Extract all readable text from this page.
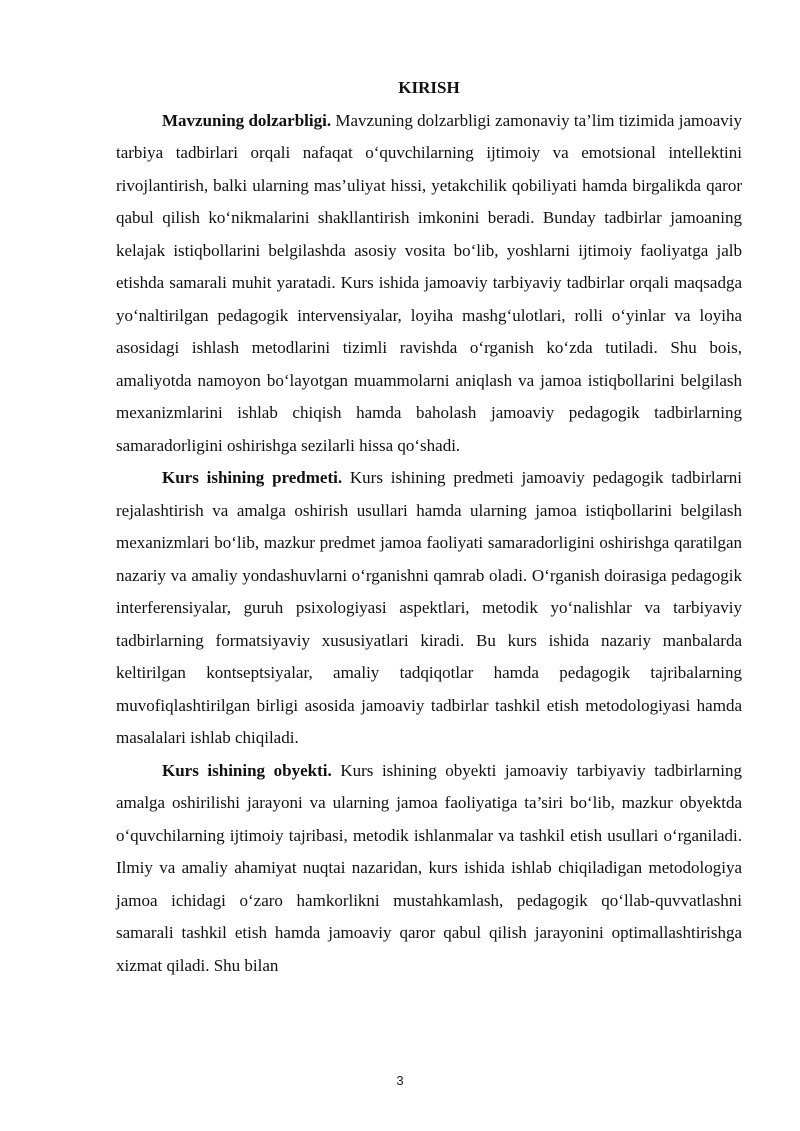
KIRISH

Mavzuning dolzarbligi. Mavzuning dolzarbligi zamonaviy ta’lim tizimida jamoaviy tarbiya tadbirlari orqali nafaqat o‘quvchilarning ijtimoiy va emotsional intellektini rivojlantirish, balki ularning mas’uliyat hissi, yetakchilik qobiliyati hamda birgalikda qaror qabul qilish ko‘nikmalarini shakllantirish imkonini beradi. Bunday tadbirlar jamoaning kelajak istiqbollarini belgilashda asosiy vosita bo‘lib, yoshlarni ijtimoiy faoliyatga jalb etishda samarali muhit yaratadi. Kurs ishida jamoaviy tarbiyaviy tadbirlar orqali maqsadga yo‘naltirilgan pedagogik intervensiyalar, loyiha mashg‘ulotlari, rolli o‘yinlar va loyiha asosidagi ishlash metodlarini tizimli ravishda o‘rganish ko‘zda tutiladi. Shu bois, amaliyotda namoyon bo‘layotgan muammolarni aniqlash va jamoa istiqbollarini belgilash mexanizmlarini ishlab chiqish hamda baholash jamoaviy pedagogik tadbirlarning samaradorligini oshirishga sezilarli hissa qo‘shadi.

Kurs ishining predmeti. Kurs ishining predmeti jamoaviy pedagogik tadbirlarni rejalashtirish va amalga oshirish usullari hamda ularning jamoa istiqbollarini belgilash mexanizmlari bo‘lib, mazkur predmet jamoa faoliyati samaradorligini oshirishga qaratilgan nazariy va amaliy yondashuvlarni o‘rganishni qamrab oladi. O‘rganish doirasiga pedagogik interferensiyalar, guruh psixologiyasi aspektlari, metodik yo‘nalishlar va tarbiyaviy tadbirlarning formatsiyaviy xususiyatlari kiradi. Bu kurs ishida nazariy manbalarda keltirilgan kontseptsiyalar, amaliy tadqiqotlar hamda pedagogik tajribalarning muvofiqlashtirilgan birligi asosida jamoaviy tadbirlar tashkil etish metodologiyasi hamda masalalari ishlab chiqiladi.

Kurs ishining obyekti. Kurs ishining obyekti jamoaviy tarbiyaviy tadbirlarning amalga oshirilishi jarayoni va ularning jamoa faoliyatiga ta’siri bo‘lib, mazkur obyektda o‘quvchilarning ijtimoiy tajribasi, metodik ishlanmalar va tashkil etish usullari o‘rganiladi. Ilmiy va amaliy ahamiyat nuqtai nazaridan, kurs ishida ishlab chiqiladigan metodologiya jamoa ichidagi o‘zaro hamkorlikni mustahkamlash, pedagogik qo‘llab-quvvatlashni samarali tashkil etish hamda jamoaviy qaror qabul qilish jarayonini optimallashtirishga xizmat qiladi. Shu bilan

3
